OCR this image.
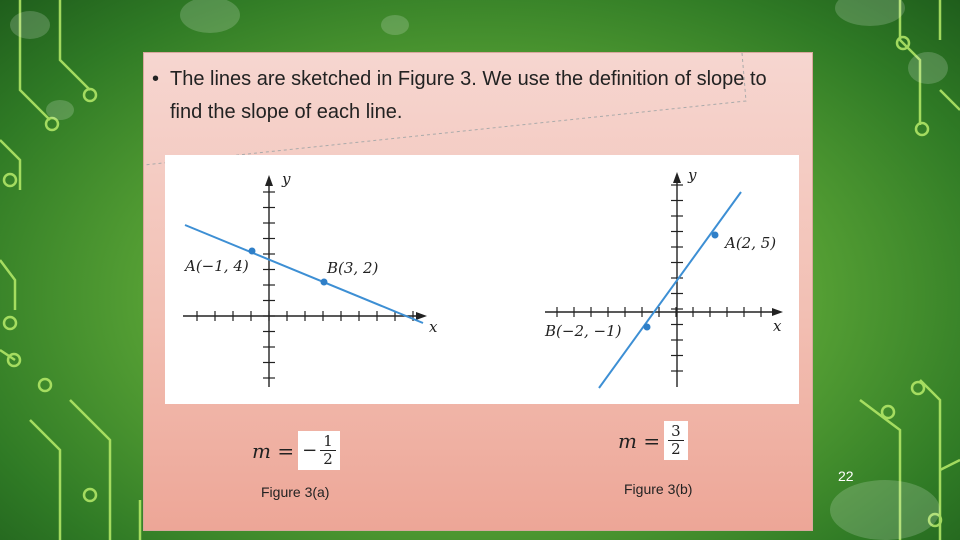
• The lines are sketched in Figure 3. We use the definition of slope to find the slope of each line.
A(−1, 4)	B(3, 2)
x
y
A(2, 5)
B(−2, −1)	x
y
m = − $\frac{1}{2}$	$m = \frac{3}{2}$
Figure 3(a)	Figure 3(b)
22
